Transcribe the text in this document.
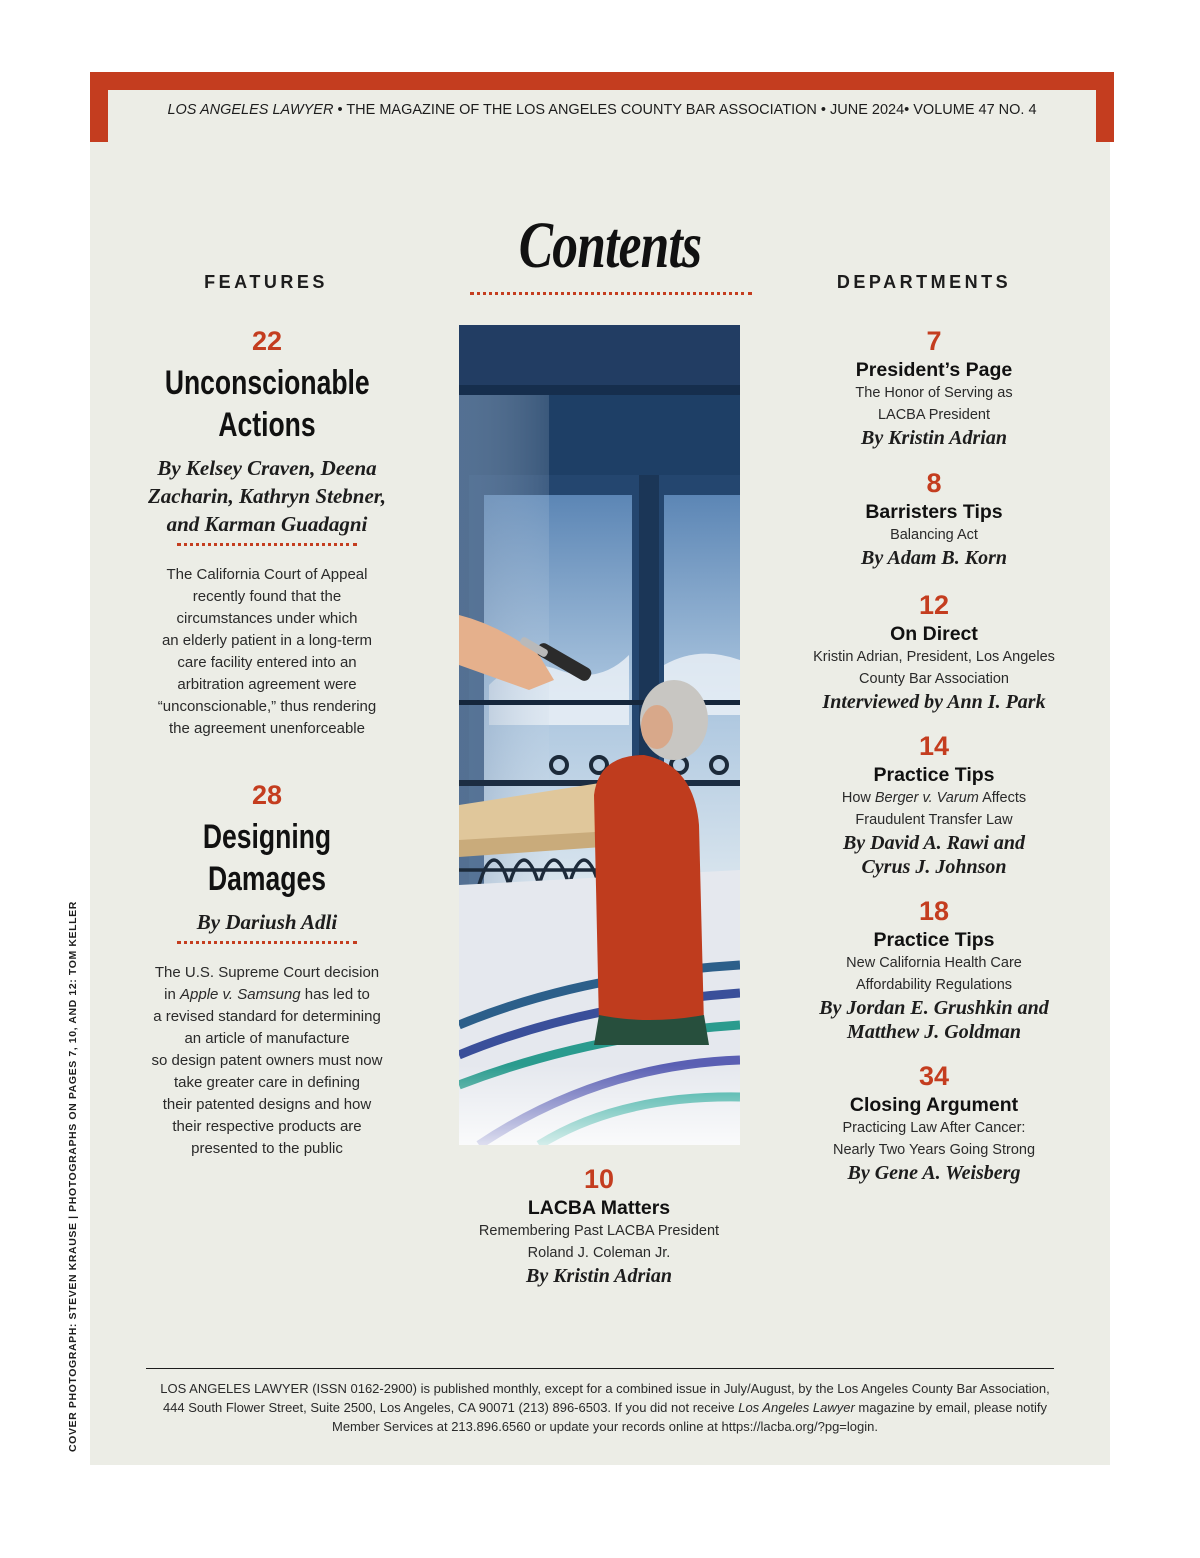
LOS ANGELES LAWYER • THE MAGAZINE OF THE LOS ANGELES COUNTY BAR ASSOCIATION • JUNE 2024• VOLUME 47 NO. 4
Contents
FEATURES
22
Unconscionable
Actions
By Kelsey Craven, Deena
Zacharin, Kathryn Stebner,
and Karman Guadagni
The California Court of Appeal
recently found that the
circumstances under which
an elderly patient in a long-term
care facility entered into an
arbitration agreement were
“unconscionable,” thus rendering
the agreement unenforceable
28
Designing
Damages
By Dariush Adli
The U.S. Supreme Court decision
in Apple v. Samsung has led to
a revised standard for determining
an article of manufacture
so design patent owners must now
take greater care in defining
their patented designs and how
their respective products are
presented to the public
10
LACBA Matters
Remembering Past LACBA President
Roland J. Coleman Jr.
By Kristin Adrian
DEPARTMENTS
7
President’s Page
The Honor of Serving as
LACBA President
By Kristin Adrian
8
Barristers Tips
Balancing Act
By Adam B. Korn
12
On Direct
Kristin Adrian, President, Los Angeles
County Bar Association
Interviewed by Ann I. Park
14
Practice Tips
How Berger v. Varum Affects
Fraudulent Transfer Law
By David A. Rawi and
Cyrus J. Johnson
18
Practice Tips
New California Health Care
Affordability Regulations
By Jordan E. Grushkin and
Matthew J. Goldman
34
Closing Argument
Practicing Law After Cancer:
Nearly Two Years Going Strong
By Gene A. Weisberg
COVER PHOTOGRAPH: STEVEN KRAUSE | PHOTOGRAPHS ON PAGES 7, 10, AND 12: TOM KELLER	LOS ANGELES LAWYER (ISSN 0162-2900) is published monthly, except for a combined issue in July/August, by the Los Angeles County Bar Association,
444 South Flower Street, Suite 2500, Los Angeles, CA 90071 (213) 896-6503. If you did not receive Los Angeles Lawyer magazine by email, please notify
Member Services at 213.896.6560 or update your records online at https://lacba.org/?pg=login.
